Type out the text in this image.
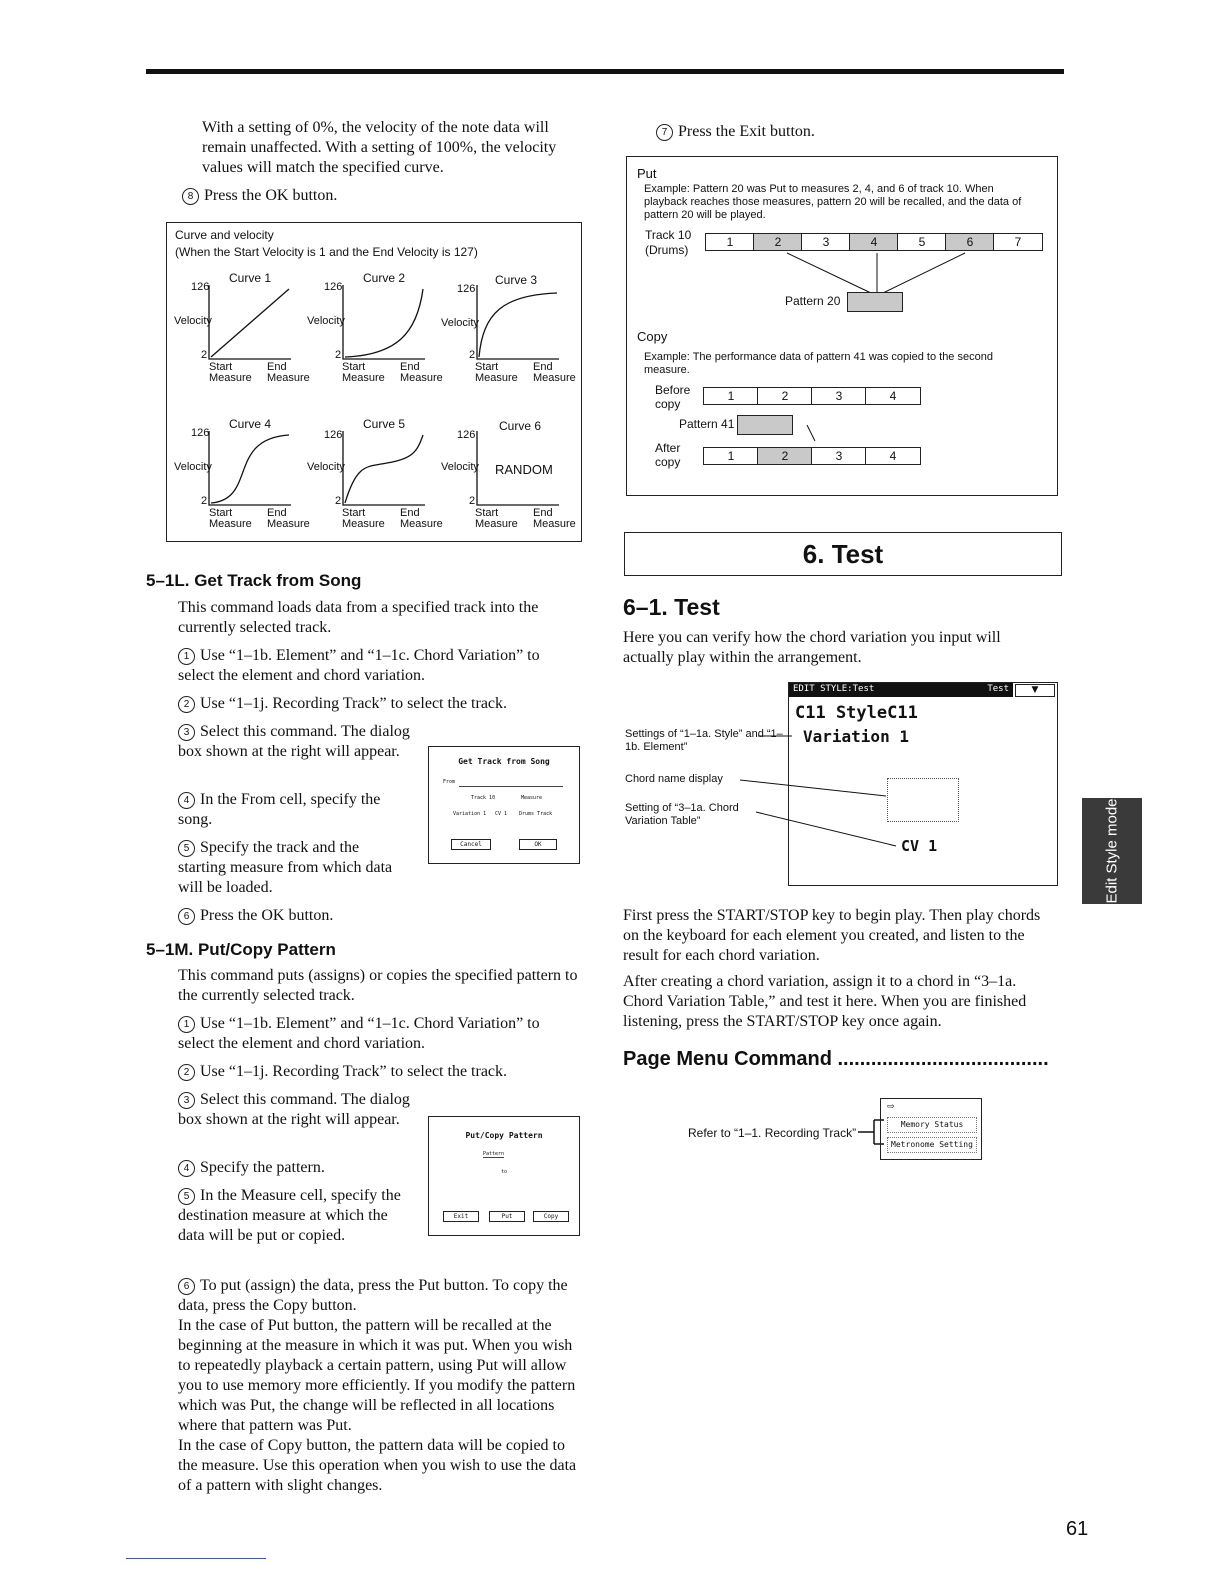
With a setting of 0%, the velocity of the note data will remain unaffected. With a setting of 100%, the velocity values will match the specified curve.
8 Press the OK button.
Curve and velocity
(When the Start Velocity is 1 and the End Velocity is 127)
Curve 1	Curve 2	Curve 3
Curve 4	Curve 5	Curve 6
126	126	126
126	126	126
Velocity	Velocity	Velocity
Velocity	Velocity	Velocity
2	2	2
2	2	2
Start
Measure
End
Measure
Start
Measure
End
Measure
Start
Measure
End
Measure
Start
Measure
End
Measure
Start
Measure
End
Measure
Start
Measure
End
Measure
RANDOM
5–1L. Get Track from Song
This command loads data from a specified track into the currently selected track.
1 Use “1–1b. Element” and “1–1c. Chord Variation” to select the element and chord variation.
2 Use “1–1j. Recording Track” to select the track.
3 Select this command. The dialog box shown at the right will appear.
4 In the From cell, specify the song.
5 Specify the track and the starting measure from which data will be loaded.
6 Press the OK button.
Get Track from Song
From
Track 10	Measure
Variation 1 CV 1 Drums Track
Cancel	OK
5–1M. Put/Copy Pattern
This command puts (assigns) or copies the specified pattern to the currently selected track.
1 Use “1–1b. Element” and “1–1c. Chord Variation” to select the element and chord variation.
2 Use “1–1j. Recording Track” to select the track.
3 Select this command. The dialog box shown at the right will appear.
4 Specify the pattern.
5 In the Measure cell, specify the destination measure at which the data will be put or copied.

6 To put (assign) the data, press the Put button. To copy the data, press the Copy button.
In the case of Put button, the pattern will be recalled at the beginning at the measure in which it was put. When you wish to repeatedly playback a certain pattern, using Put will allow you to use memory more efficiently. If you modify the pattern which was Put, the change will be reflected in all locations where that pattern was Put.
In the case of Copy button, the pattern data will be copied to the measure. Use this operation when you wish to use the data of a pattern with slight changes.

Put/Copy Pattern
Pattern
to
Exit	Put	Copy
7 Press the Exit button.
Put
Example: Pattern 20 was Put to measures 2, 4, and 6 of track 10. When playback reaches those measures, pattern 20 will be recalled, and the data of pattern 20 will be played.
Track 10
(Drums)
1	2	3	4	5	6	7
Pattern 20
Copy
Example: The performance data of pattern 41 was copied to the second measure.
Before
copy
1	2	3	4
Pattern 41
After
copy	1	2	3	4
6. Test
6–1. Test
Here you can verify how the chord variation you input will actually play within the arrangement.
EDIT STYLE:Test	Test	▼
C11 StyleC11
Variation 1
CV 1
Settings of “1–1a. Style” and “1–1b. Element”
Chord name display
Setting of “3–1a. Chord Variation Table”
First press the START/STOP key to begin play. Then play chords on the keyboard for each element you created, and listen to the result for each chord variation.
After creating a chord variation, assign it to a chord in “3–1a. Chord Variation Table,” and test it here. When you are finished listening, press the START/STOP key once again.
Page Menu Command ......................................
Refer to “1–1. Recording Track”
⇨
Memory Status
Metronome Setting
Edit Style mode
61
